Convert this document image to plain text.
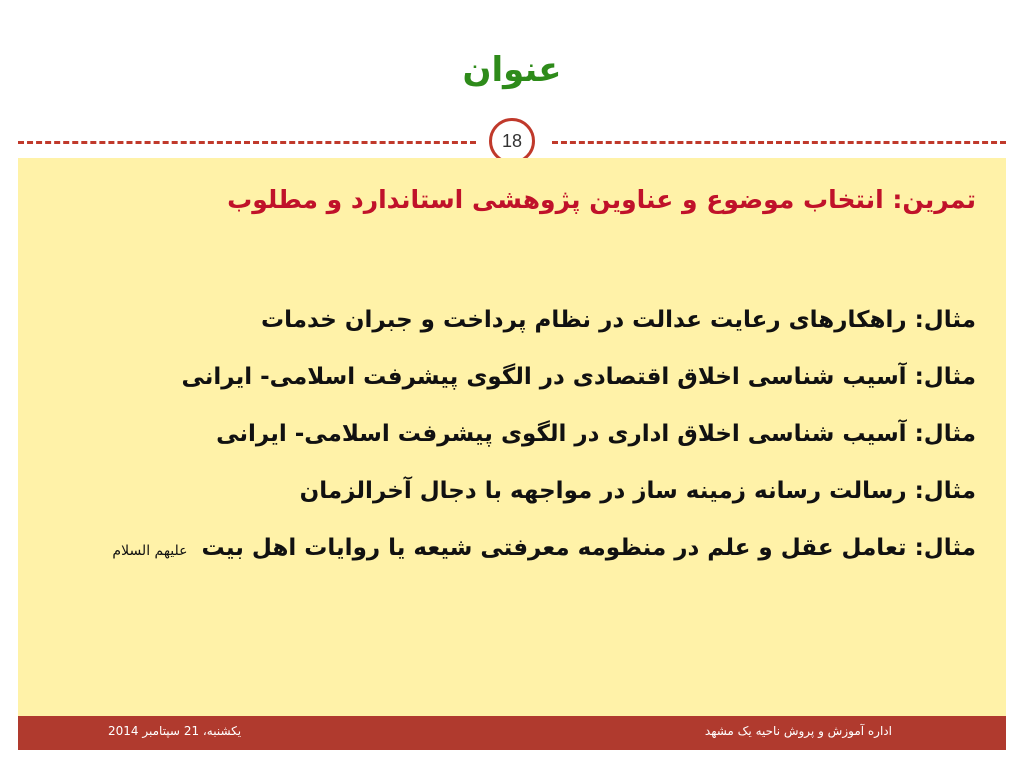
عنوان
18
تمرین: انتخاب موضوع و عناوین پژوهشی استاندارد و مطلوب
مثال: راهکارهای رعایت عدالت در نظام پرداخت و جبران خدمات
مثال: آسیب شناسی اخلاق اقتصادی در الگوی پیشرفت اسلامی- ایرانی
مثال: آسیب شناسی اخلاق اداری در الگوی پیشرفت اسلامی- ایرانی
مثال: رسالت رسانه زمینه ساز در مواجهه با دجال آخرالزمان
مثال: تعامل عقل و علم در منظومه معرفتی شیعه یا روایات اهل بیت علیهم السلام
یکشنبه، 21 سپتامبر 2014	اداره آموزش و پروش ناحیه یک مشهد
